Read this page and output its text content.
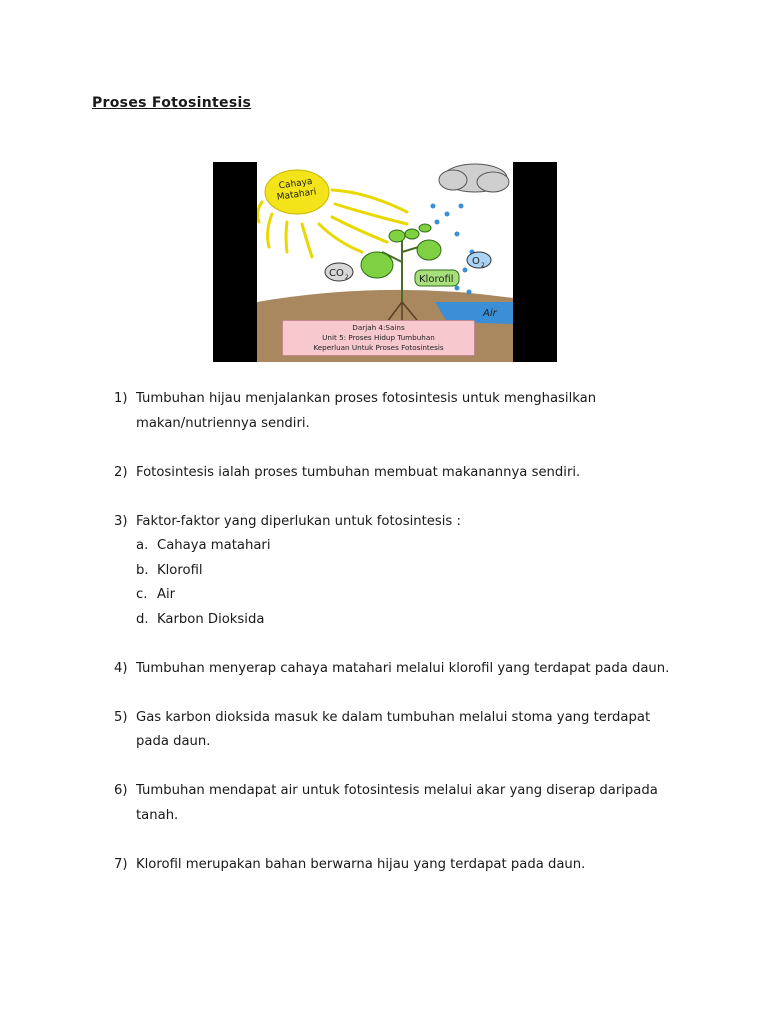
Proses Fotosintesis
CO 2
O 2
Cahaya
Matahari
Klorofil
Air
Darjah 4:Sains
Unit 5: Proses Hidup Tumbuhan
Keperluan Untuk Proses Fotosintesis
1) Tumbuhan hijau menjalankan proses fotosintesis untuk menghasilkan makan/nutriennya sendiri.
2) Fotosintesis ialah proses tumbuhan membuat makanannya sendiri.
3) Faktor-faktor yang diperlukan untuk fotosintesis :
a. Cahaya matahari
b. Klorofil
c. Air
d. Karbon Dioksida
4) Tumbuhan menyerap cahaya matahari melalui klorofil yang terdapat pada daun.
5) Gas karbon dioksida masuk ke dalam tumbuhan melalui stoma yang terdapat pada daun.
6) Tumbuhan mendapat air untuk fotosintesis melalui akar yang diserap daripada tanah.
7) Klorofil merupakan bahan berwarna hijau yang terdapat pada daun.
